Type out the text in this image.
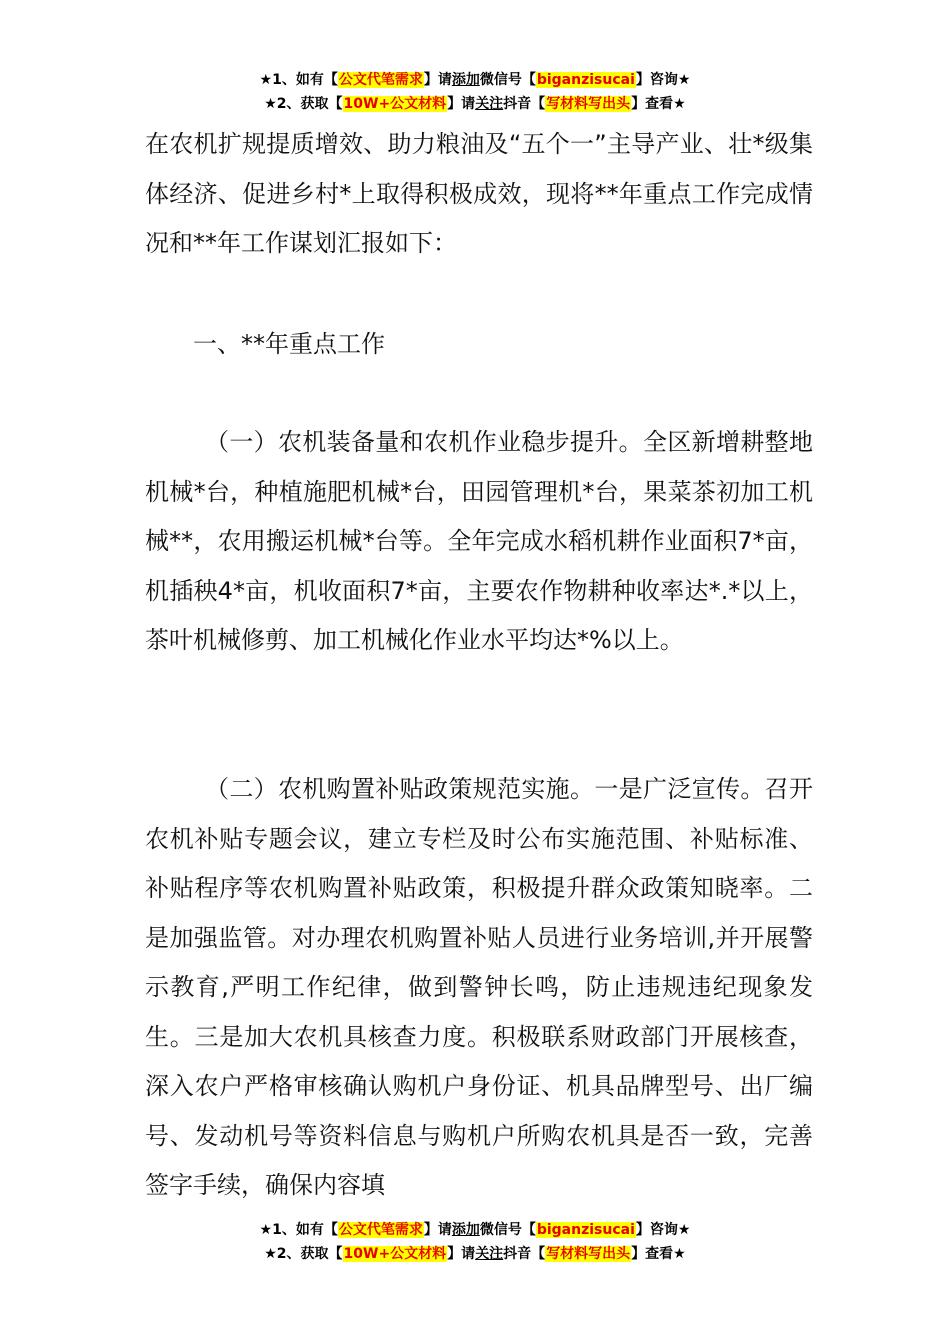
★1、如有【公文代笔需求】请添加微信号【biganzisucai】咨询★
★2、获取【10W+公文材料】请关注抖音【写材料写出头】查看★

在农机扩规提质增效、助力粮油及“五个一”主导产业、壮*级集体经济、促进乡村*上取得积极成效，现将**年重点工作完成情况和**年工作谋划汇报如下：

一、**年重点工作

（一）农机装备量和农机作业稳步提升。全区新增耕整地机械*台，种植施肥机械*台，田园管理机*台，果菜茶初加工机械**，农用搬运机械*台等。全年完成水稻机耕作业面积7*亩，机插秧4*亩，机收面积7*亩，主要农作物耕种收率达*.*以上，茶叶机械修剪、加工机械化作业水平均达*%以上。

（二）农机购置补贴政策规范实施。一是广泛宣传。召开农机补贴专题会议，建立专栏及时公布实施范围、补贴标准、补贴程序等农机购置补贴政策，积极提升群众政策知晓率。二是加强监管。对办理农机购置补贴人员进行业务培训,并开展警示教育,严明工作纪律，做到警钟长鸣，防止违规违纪现象发生。三是加大农机具核查力度。积极联系财政部门开展核查，深入农户严格审核确认购机户身份证、机具品牌型号、出厂编号、发动机号等资料信息与购机户所购农机具是否一致，完善签字手续，确保内容填

★1、如有【公文代笔需求】请添加微信号【biganzisucai】咨询★
★2、获取【10W+公文材料】请关注抖音【写材料写出头】查看★
